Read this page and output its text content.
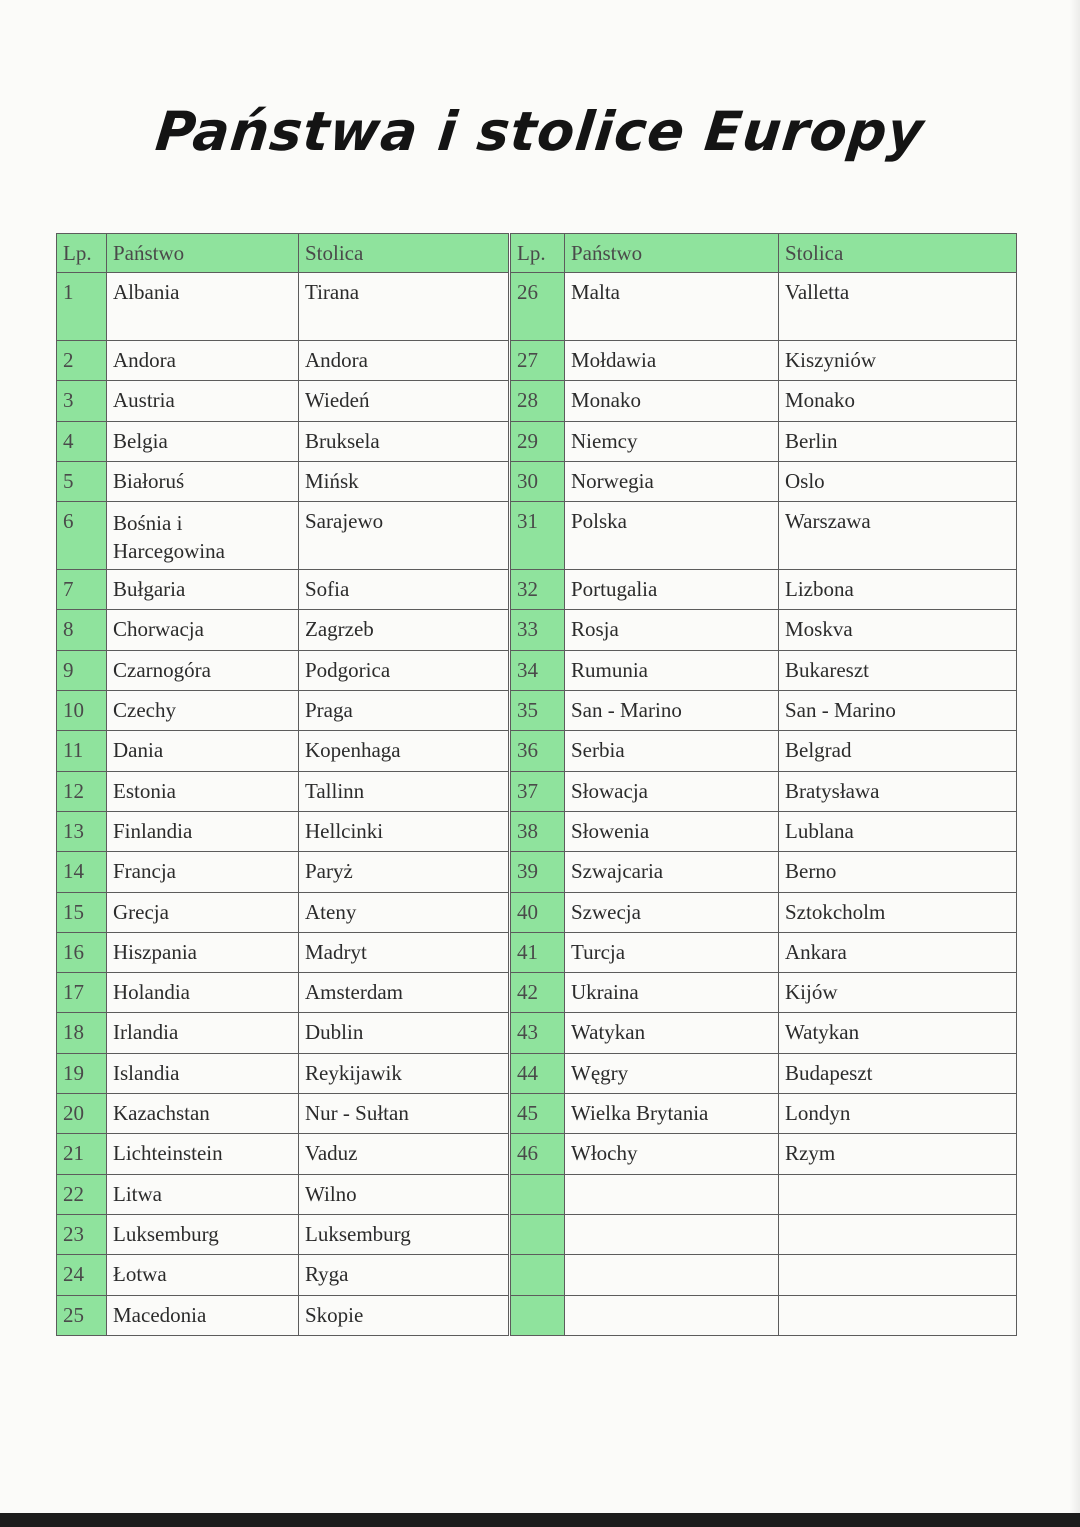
Państwa i stolice Europy
Lp.	Państwo	Stolica
1	Albania	Tirana
2	Andora	Andora
3	Austria	Wiedeń
4	Belgia	Bruksela
5	Białoruś	Mińsk
6	Bośnia i Harcegowina	Sarajewo
7	Bułgaria	Sofia
8	Chorwacja	Zagrzeb
9	Czarnogóra	Podgorica
10	Czechy	Praga
11	Dania	Kopenhaga
12	Estonia	Tallinn
13	Finlandia	Hellcinki
14	Francja	Paryż
15	Grecja	Ateny
16	Hiszpania	Madryt
17	Holandia	Amsterdam
18	Irlandia	Dublin
19	Islandia	Reykijawik
20	Kazachstan	Nur - Sułtan
21	Lichteinstein	Vaduz
22	Litwa	Wilno
23	Luksemburg	Luksemburg
24	Łotwa	Ryga
25	Macedonia	Skopie
Lp.	Państwo	Stolica
26	Malta	Valletta
27	Mołdawia	Kiszyniów
28	Monako	Monako
29	Niemcy	Berlin
30	Norwegia	Oslo
31	Polska	Warszawa
32	Portugalia	Lizbona
33	Rosja	Moskva
34	Rumunia	Bukareszt
35	San - Marino	San - Marino
36	Serbia	Belgrad
37	Słowacja	Bratysława
38	Słowenia	Lublana
39	Szwajcaria	Berno
40	Szwecja	Sztokcholm
41	Turcja	Ankara
42	Ukraina	Kijów
43	Watykan	Watykan
44	Węgry	Budapeszt
45	Wielka Brytania	Londyn
46	Włochy	Rzym
